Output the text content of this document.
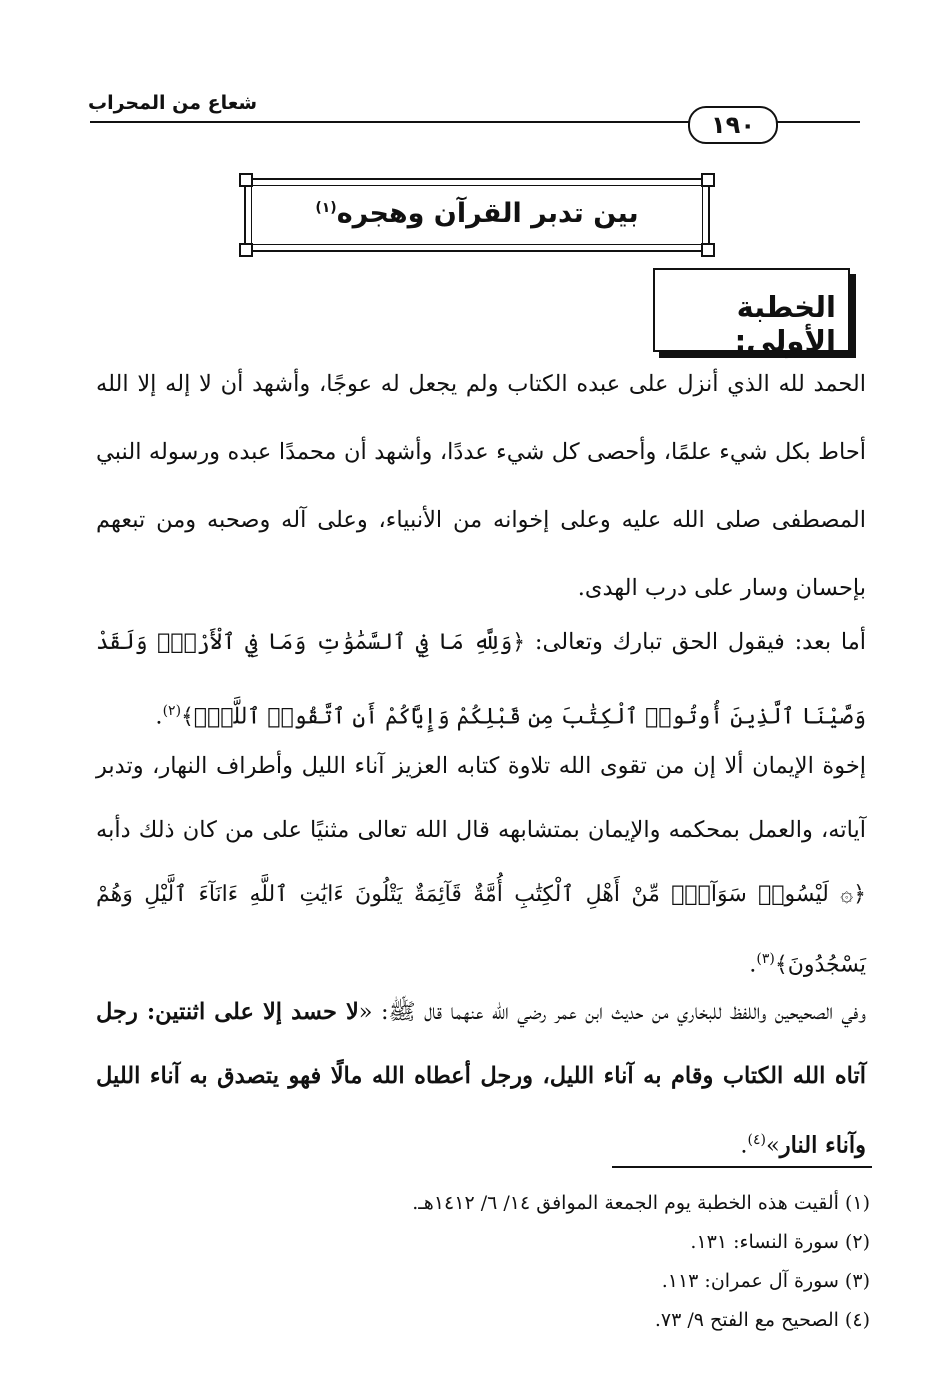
شعاع من المحراب
١٩٠
بين تدبر القرآن وهجره$^{(١)}$
الخطبة الأولى:

الحمد لله الذي أنزل على عبده الكتاب ولم يجعل له عوجًا، وأشهد أن لا إله إلا الله أحاط بكل شيء علمًا، وأحصى كل شيء عددًا، وأشهد أن محمدًا عبده ورسوله النبي المصطفى صلى الله عليه وعلى إخوانه من الأنبياء، وعلى آله وصحبه ومن تبعهم بإحسان وسار على درب الهدى.

أما بعد: فيقول الحق تبارك وتعالى: ﴿وَلِلَّهِ مَا فِي ٱلسَّمَٰوَٰتِ وَمَا فِي ٱلْأَرْضِۗ وَلَقَدْ وَصَّيْنَا ٱلَّذِينَ أُوتُوا۟ ٱلْكِتَٰبَ مِن قَبْلِكُمْ وَإِيَّاكُمْ أَنِ ٱتَّقُوا۟ ٱللَّهَۚ﴾$^{(٢)}$.

إخوة الإيمان ألا إن من تقوى الله تلاوة كتابه العزيز آناء الليل وأطراف النهار، وتدبر آياته، والعمل بمحكمه والإيمان بمتشابهه قال الله تعالى مثنيًا على من كان ذلك دأبه ﴿۞ لَيْسُوا۟ سَوَآءًۗ مِّنْ أَهْلِ ٱلْكِتَٰبِ أُمَّةٌ قَآئِمَةٌ يَتْلُونَ ءَايَٰتِ ٱللَّهِ ءَانَآءَ ٱلَّيْلِ وَهُمْ يَسْجُدُونَ﴾$^{(٣)}$.

وفي الصحيحين واللفظ للبخاري من حديث ابن عمر رضي الله عنهما قال ﷺ: «لا حسد إلا على اثنتين: رجل آتاه الله الكتاب وقام به آناء الليل، ورجل أعطاه الله مالًا فهو يتصدق به آناء الليل وآناء النار»$^{(٤)}$.

(١) ألقيت هذه الخطبة يوم الجمعة الموافق ١٤/ ٦/ ١٤١٢هـ.
(٢) سورة النساء: ١٣١.
(٣) سورة آل عمران: ١١٣.
(٤) الصحيح مع الفتح ٩/ ٧٣.
